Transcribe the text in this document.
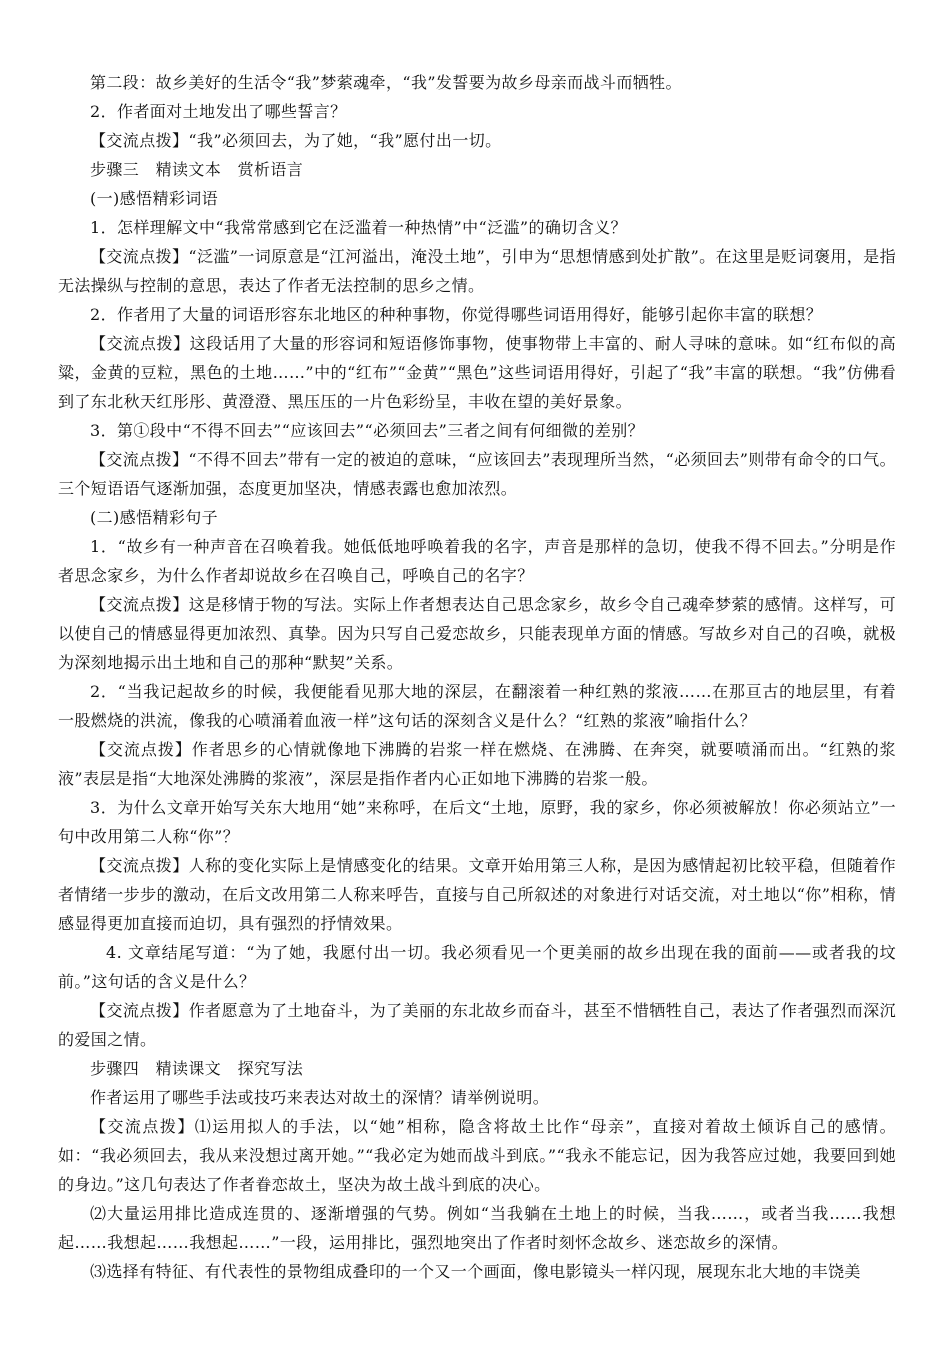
第二段：故乡美好的生活令“我”梦萦魂牵，“我”发誓要为故乡母亲而战斗而牺牲。

2．作者面对土地发出了哪些誓言？

【交流点拨】“我”必须回去，为了她，“我”愿付出一切。

步骤三　精读文本　赏析语言

(一)感悟精彩词语

1．怎样理解文中“我常常感到它在泛滥着一种热情”中“泛滥”的确切含义？

【交流点拨】“泛滥”一词原意是“江河溢出，淹没土地”，引申为“思想情感到处扩散”。在这里是贬词褒用，是指无法操纵与控制的意思，表达了作者无法控制的思乡之情。

2．作者用了大量的词语形容东北地区的种种事物，你觉得哪些词语用得好，能够引起你丰富的联想？

【交流点拨】这段话用了大量的形容词和短语修饰事物，使事物带上丰富的、耐人寻味的意味。如“红布似的高粱，金黄的豆粒，黑色的土地……”中的“红布”“金黄”“黑色”这些词语用得好，引起了“我”丰富的联想。“我”仿佛看到了东北秋天红彤彤、黄澄澄、黑压压的一片色彩纷呈，丰收在望的美好景象。

3．第①段中“不得不回去”“应该回去”“必须回去”三者之间有何细微的差别？

【交流点拨】“不得不回去”带有一定的被迫的意味，“应该回去”表现理所当然，“必须回去”则带有命令的口气。三个短语语气逐渐加强，态度更加坚决，情感表露也愈加浓烈。

(二)感悟精彩句子

1．“故乡有一种声音在召唤着我。她低低地呼唤着我的名字，声音是那样的急切，使我不得不回去。”分明是作者思念家乡，为什么作者却说故乡在召唤自己，呼唤自己的名字？

【交流点拨】这是移情于物的写法。实际上作者想表达自己思念家乡，故乡令自己魂牵梦萦的感情。这样写，可以使自己的情感显得更加浓烈、真挚。因为只写自己爱恋故乡，只能表现单方面的情感。写故乡对自己的召唤，就极为深刻地揭示出土地和自己的那种“默契”关系。

2．“当我记起故乡的时候，我便能看见那大地的深层，在翻滚着一种红熟的浆液……在那亘古的地层里，有着一股燃烧的洪流，像我的心喷涌着血液一样”这句话的深刻含义是什么？“红熟的浆液”喻指什么？

【交流点拨】作者思乡的心情就像地下沸腾的岩浆一样在燃烧、在沸腾、在奔突，就要喷涌而出。“红熟的浆液”表层是指“大地深处沸腾的浆液”，深层是指作者内心正如地下沸腾的岩浆一般。

3．为什么文章开始写关东大地用“她”来称呼，在后文“土地，原野，我的家乡，你必须被解放！你必须站立”一句中改用第二人称“你”？

【交流点拨】人称的变化实际上是情感变化的结果。文章开始用第三人称，是因为感情起初比较平稳，但随着作者情绪一步步的激动，在后文改用第二人称来呼告，直接与自己所叙述的对象进行对话交流，对土地以“你”相称，情感显得更加直接而迫切，具有强烈的抒情效果。

4. 文章结尾写道：“为了她，我愿付出一切。我必须看见一个更美丽的故乡出现在我的面前——或者我的坟前。”这句话的含义是什么？

【交流点拨】作者愿意为了土地奋斗，为了美丽的东北故乡而奋斗，甚至不惜牺牲自己，表达了作者强烈而深沉的爱国之情。

步骤四　精读课文　探究写法

作者运用了哪些手法或技巧来表达对故土的深情？请举例说明。

【交流点拨】⑴运用拟人的手法，以“她”相称，隐含将故土比作“母亲”，直接对着故土倾诉自己的感情。如：“我必须回去，我从来没想过离开她。”“我必定为她而战斗到底。”“我永不能忘记，因为我答应过她，我要回到她的身边。”这几句表达了作者眷恋故土，坚决为故土战斗到底的决心。

⑵大量运用排比造成连贯的、逐渐增强的气势。例如“当我躺在土地上的时候，当我……，或者当我……我想起……我想起……我想起……”一段，运用排比，强烈地突出了作者时刻怀念故乡、迷恋故乡的深情。

⑶选择有特征、有代表性的景物组成叠印的一个又一个画面，像电影镜头一样闪现，展现东北大地的丰饶美
